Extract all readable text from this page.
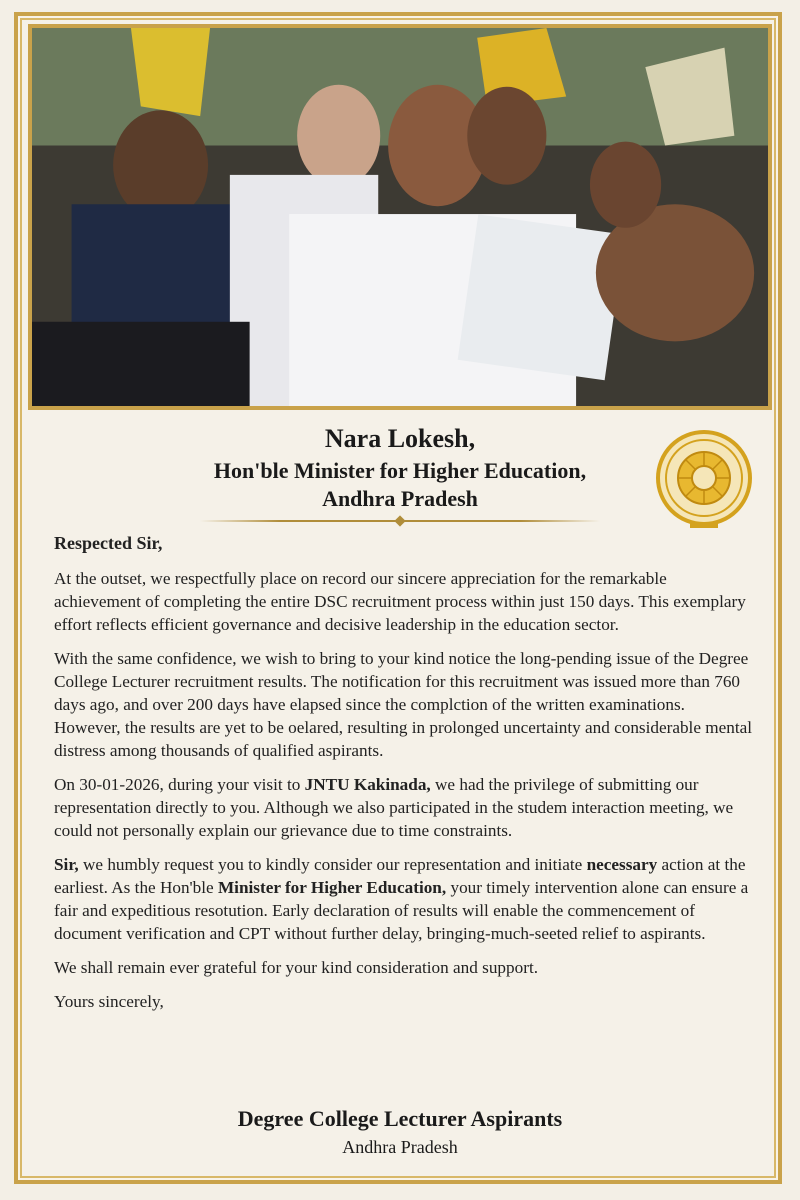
Nara Lokesh,
Hon'ble Minister for Higher Education,
Andhra Pradesh

Respected Sir,

At the outset, we respectfully place on record our sincere appreciation for the remarkable achievement of completing the entire DSC recruitment process within just 150 days. This exemplary effort reflects efficient governance and decisive leadership in the education sector.

With the same confidence, we wish to bring to your kind notice the long-pending issue of the Degree College Lecturer recruitment results. The notification for this recruitment was issued more than 760 days ago, and over 200 days have elapsed since the complction of the written examinations. However, the results are yet to be oelared, resulting in prolonged uncertainty and considerable mental distress among thousands of qualified aspirants.

On 30-01-2026, during your visit to JNTU Kakinada, we had the privilege of submitting our representation directly to you. Although we also participated in the studem interaction meeting, we could not personally explain our grievance due to time constraints.

Sir, we humbly request you to kindly consider our representation and initiate necessary action at the earliest. As the Hon'ble Minister for Higher Education, your timely intervention alone can ensure a fair and expeditious resotution. Early declaration of results will enable the commencement of document verification and CPT without further delay, bringing-much-seeted relief to aspirants.

We shall remain ever grateful for your kind consideration and support.

Yours sincerely,

Degree College Lecturer Aspirants
Andhra Pradesh
